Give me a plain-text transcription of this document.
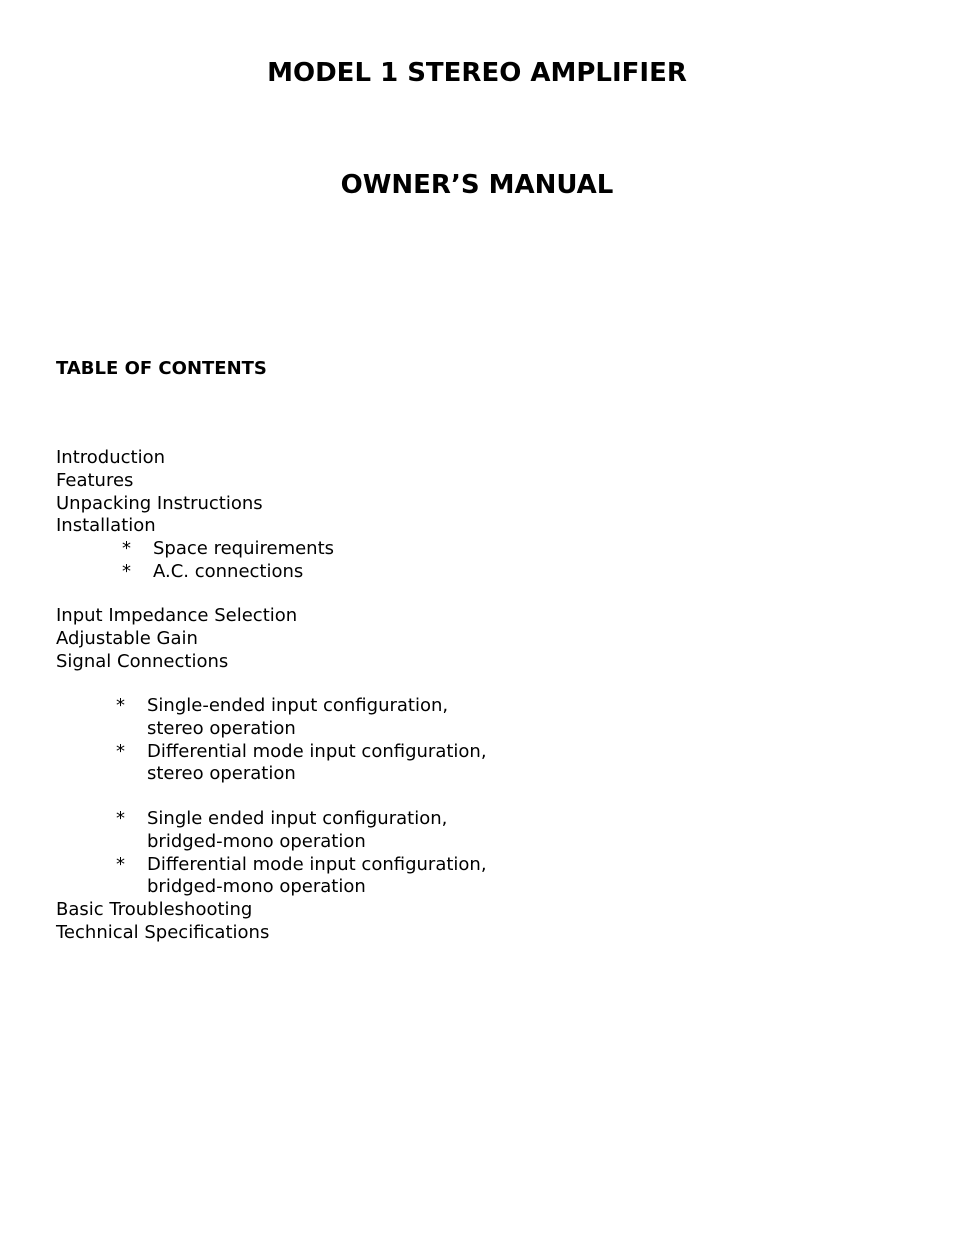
MODEL 1 STEREO AMPLIFIER
OWNER’S MANUAL
TABLE OF CONTENTS
Introduction
Features
Unpacking Instructions
Installation
* Space requirements
* A.C. connections
Input Impedance Selection
Adjustable Gain
Signal Connections
* Single-ended input configuration,
stereo operation
* Differential mode input configuration,
stereo operation
* Single ended input configuration,
bridged-mono operation
* Differential mode input configuration,
bridged-mono operation
Basic Troubleshooting
Technical Specifications
